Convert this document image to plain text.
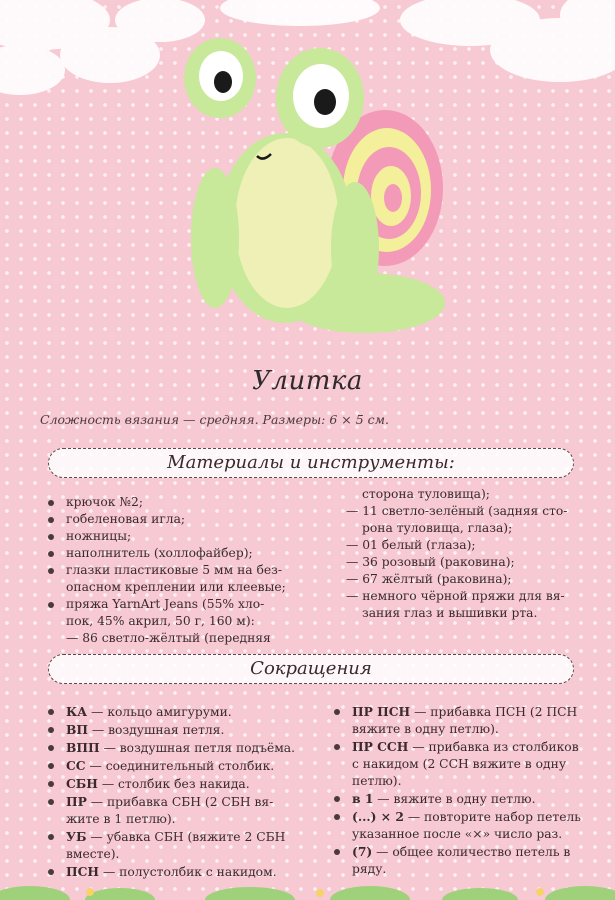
Улитка
Сложность вязания — средняя. Размеры: 6 × 5 см.
Материалы и инструменты:
крючок №2;
гобеленовая игла;
ножницы;
наполнитель (холлофайбер);
глазки пластиковые 5 мм на без-
опасном креплении или клеевые;
пряжа YarnArt Jeans (55% хло-
пок, 45% акрил, 50 г, 160 м):
— 86 светло-жёлтый (передняя
сторона туловища);
— 11 светло-зелёный (задняя сто-
рона туловища, глаза);
— 01 белый (глаза);
— 36 розовый (раковина);
— 67 жёлтый (раковина);
— немного чёрной пряжи для вя-
зания глаз и вышивки рта.
Сокращения
КА — кольцо амигуруми.
ВП — воздушная петля.
ВПП — воздушная петля подъёма.
СС — соединительный столбик.
СБН — столбик без накида.
ПР — прибавка СБН (2 СБН вя-
жите в 1 петлю).
УБ — убавка СБН (вяжите 2 СБН
вместе).
ПСН — полустолбик с накидом.
ПР ПСН — прибавка ПСН (2 ПСН
вяжите в одну петлю).
ПР ССН — прибавка из столбиков
с накидом (2 ССН вяжите в одну
петлю).
в 1 — вяжите в одну петлю.
(...) × 2 — повторите набор петель
указанное после «×» число раз.
(7) — общее количество петель в
ряду.
